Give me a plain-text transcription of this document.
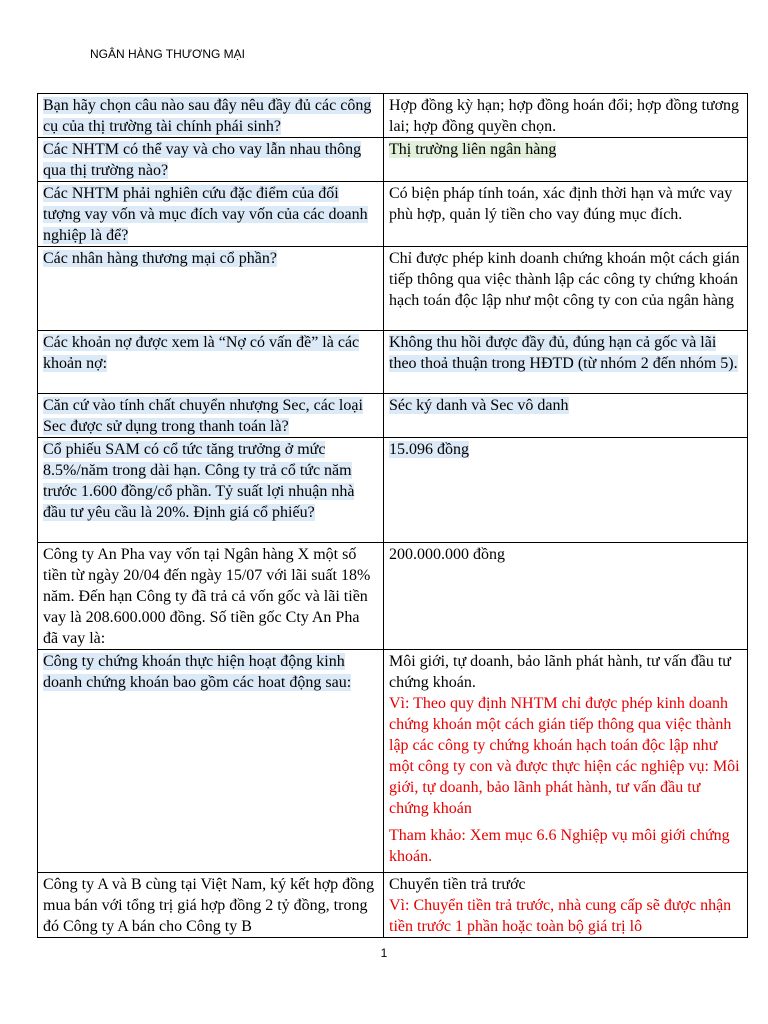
NGÂN HÀNG THƯƠNG MẠI
Bạn hãy chọn câu nào sau đây nêu đầy đủ các công cụ của thị trường tài chính phái sinh?	Hợp đồng kỳ hạn; hợp đồng hoán đổi; hợp đồng tương lai; hợp đồng quyền chọn.
Các NHTM có thể vay và cho vay lẫn nhau thông qua thị trường nào?	Thị trường liên ngân hàng
Các NHTM phải nghiên cứu đặc điểm của đối tượng vay vốn và mục đích vay vốn của các doanh nghiệp là để?	Có biện pháp tính toán, xác định thời hạn và mức vay phù hợp, quản lý tiền cho vay đúng mục đích.
Các nhân hàng thương mại cổ phần?	Chỉ được phép kinh doanh chứng khoán một cách gián tiếp thông qua việc thành lập các công ty chứng khoán hạch toán độc lập như một công ty con của ngân hàng
Các khoản nợ được xem là “Nợ có vấn đề” là các khoản nợ:	Không thu hồi được đầy đủ, đúng hạn cả gốc và lãi theo thoả thuận trong HĐTD (từ nhóm 2 đến nhóm 5).
Căn cứ vào tính chất chuyển nhượng Sec, các loại Sec được sử dụng trong thanh toán là?	Séc ký danh và Sec vô danh
Cổ phiếu SAM có cổ tức tăng trưởng ở mức 8.5%/năm trong dài hạn. Công ty trả cổ tức năm trước 1.600 đồng/cổ phần. Tỷ suất lợi nhuận nhà đầu tư yêu cầu là 20%. Định giá cổ phiếu?	15.096 đồng
Công ty An Pha vay vốn tại Ngân hàng X một số tiền từ ngày 20/04 đến ngày 15/07 với lãi suất 18% năm. Đến hạn Công ty đã trả cả vốn gốc và lãi tiền vay là 208.600.000 đồng. Số tiền gốc Cty An Pha đã vay là:	200.000.000 đồng
Công ty chứng khoán thực hiện hoạt động kinh doanh chứng khoán bao gồm các hoat động sau:	Môi giới, tự doanh, bảo lãnh phát hành, tư vấn đầu tư chứng khoán.
Vì: Theo quy định NHTM chỉ được phép kinh doanh chứng khoán một cách gián tiếp thông qua việc thành lập các công ty chứng khoán hạch toán độc lập như một công ty con và được thực hiện các nghiệp vụ: Môi giới, tự doanh, bảo lãnh phát hành, tư vấn đầu tư chứng khoán
Tham khảo: Xem mục 6.6 Nghiệp vụ môi giới chứng khoán.

Công ty A và B cùng tại Việt Nam, ký kết hợp đồng mua bán với tổng trị giá hợp đồng 2 tỷ đồng, trong đó Công ty A bán cho Công ty B	Chuyển tiền trả trước
Vì: Chuyển tiền trả trước, nhà cung cấp sẽ được nhận tiền trước 1 phần hoặc toàn bộ giá trị lô
1
